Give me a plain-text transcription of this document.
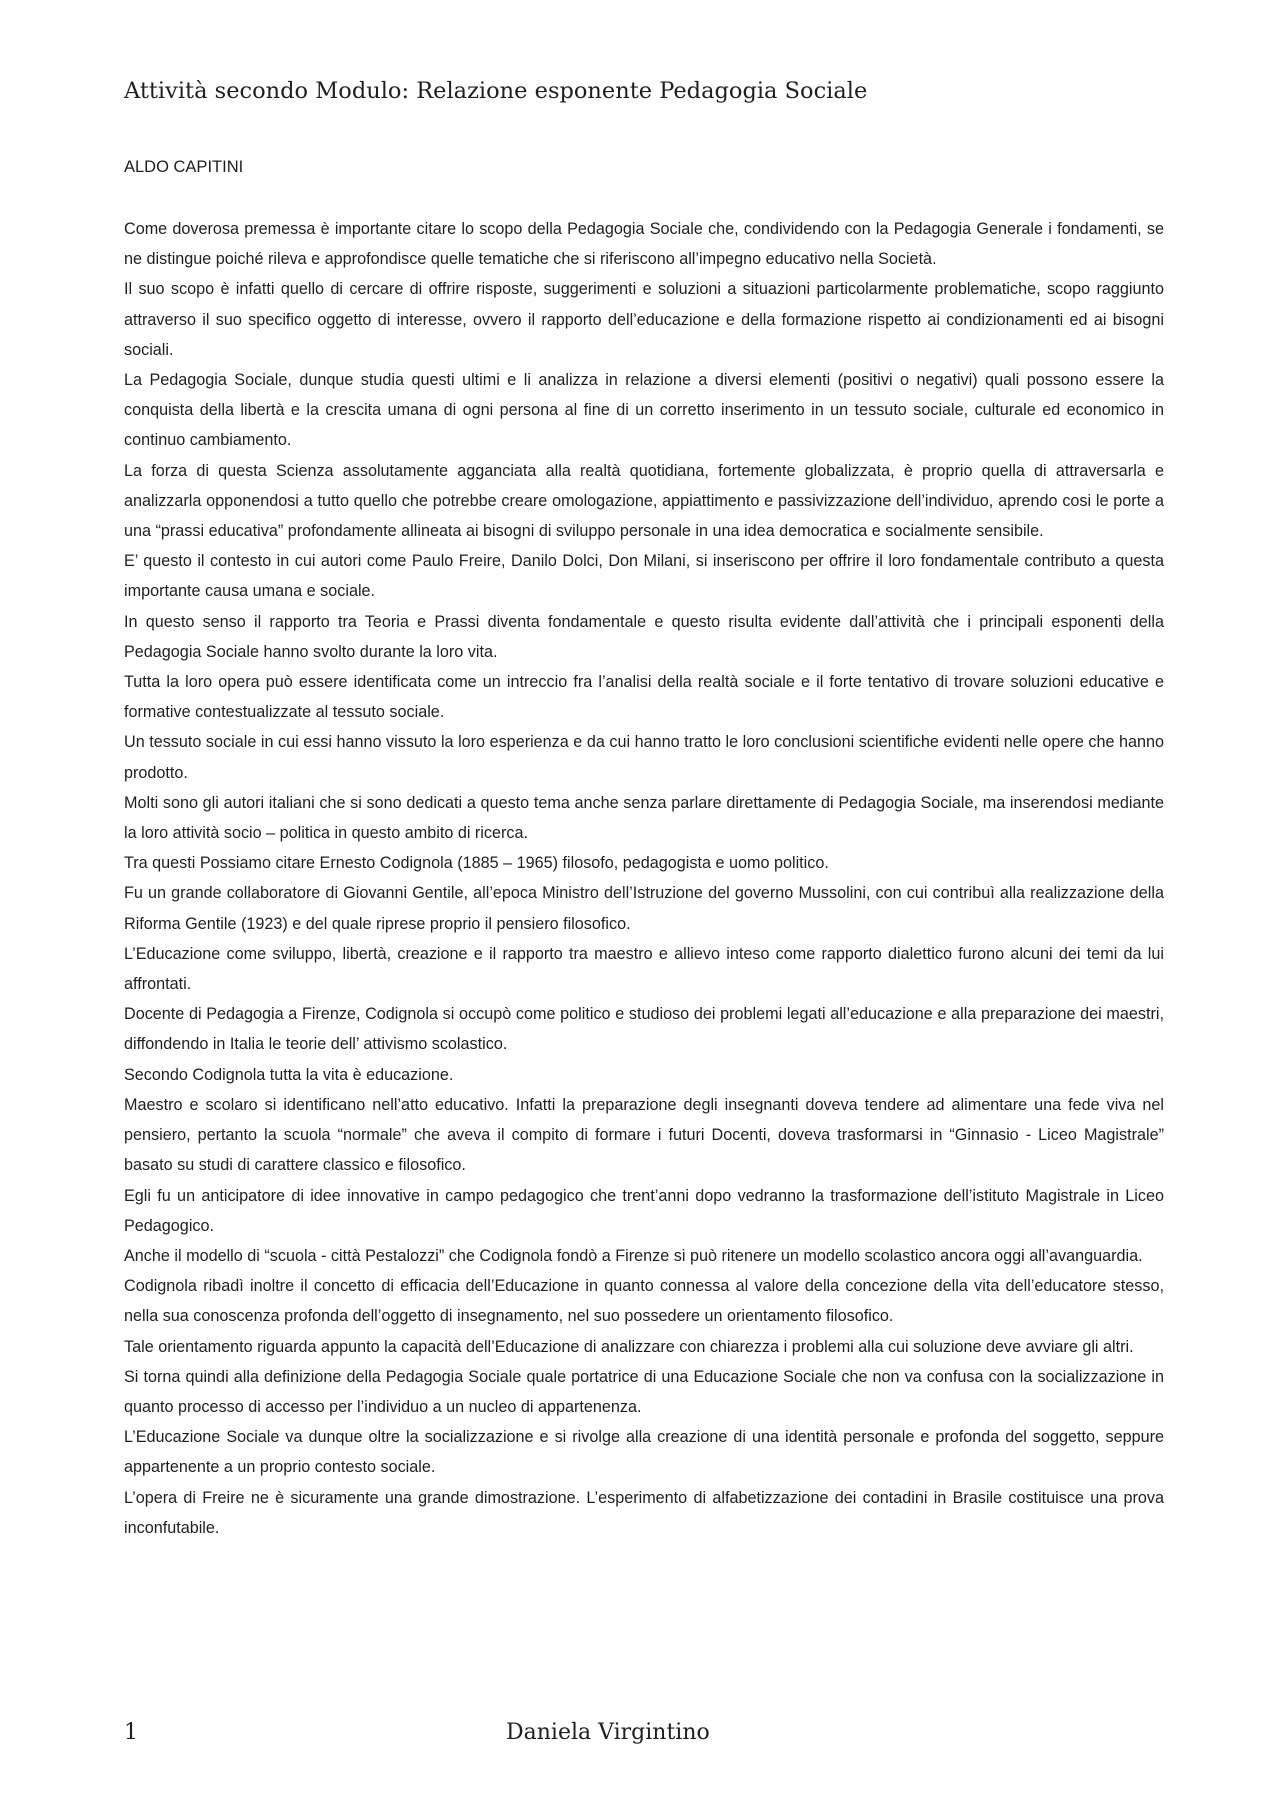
Attività secondo Modulo: Relazione esponente Pedagogia Sociale
ALDO CAPITINI

Come doverosa premessa è importante citare lo scopo della Pedagogia Sociale che, condividendo con la Pedagogia Generale i fondamenti, se ne distingue poiché rileva e approfondisce quelle tematiche che si riferiscono all’impegno educativo nella Società.

Il suo scopo è infatti quello di cercare di offrire risposte, suggerimenti e soluzioni a situazioni particolarmente problematiche, scopo raggiunto attraverso il suo specifico oggetto di interesse, ovvero il rapporto dell’educazione e della formazione rispetto ai condizionamenti ed ai bisogni sociali.

La Pedagogia Sociale, dunque studia questi ultimi e li analizza in relazione a diversi elementi (positivi o negativi) quali possono essere la conquista della libertà e la crescita umana di ogni persona al fine di un corretto inserimento in un tessuto sociale, culturale ed economico in continuo cambiamento.

La forza di questa Scienza assolutamente agganciata alla realtà quotidiana, fortemente globalizzata, è proprio quella di attraversarla e analizzarla opponendosi a tutto quello che potrebbe creare omologazione, appiattimento e passivizzazione dell’individuo, aprendo cosi le porte a una “prassi educativa” profondamente allineata ai bisogni di sviluppo personale in una idea democratica e socialmente sensibile.

E’ questo il contesto in cui autori come Paulo Freire, Danilo Dolci, Don Milani, si inseriscono per offrire il loro fondamentale contributo a questa importante causa umana e sociale.

In questo senso il rapporto tra Teoria e Prassi diventa fondamentale e questo risulta evidente dall’attività che i principali esponenti della Pedagogia Sociale hanno svolto durante la loro vita.

Tutta la loro opera può essere identificata come un intreccio fra l’analisi della realtà sociale e il forte tentativo di trovare soluzioni educative e formative contestualizzate al tessuto sociale.

Un tessuto sociale in cui essi hanno vissuto la loro esperienza e da cui hanno tratto le loro conclusioni scientifiche evidenti nelle opere che hanno prodotto.

Molti sono gli autori italiani che si sono dedicati a questo tema anche senza parlare direttamente di Pedagogia Sociale, ma inserendosi mediante la loro attività socio – politica in questo ambito di ricerca.

Tra questi Possiamo citare Ernesto Codignola (1885 – 1965) filosofo, pedagogista e uomo politico.

Fu un grande collaboratore di Giovanni Gentile, all’epoca Ministro dell’Istruzione del governo Mussolini, con cui contribuì alla realizzazione della Riforma Gentile (1923) e del quale riprese proprio il pensiero filosofico.

L’Educazione come sviluppo, libertà, creazione e il rapporto tra maestro e allievo inteso come rapporto dialettico furono alcuni dei temi da lui affrontati.

Docente di Pedagogia a Firenze, Codignola si occupò come politico e studioso dei problemi legati all’educazione e alla preparazione dei maestri, diffondendo in Italia le teorie dell’ attivismo scolastico.

Secondo Codignola tutta la vita è educazione.

Maestro e scolaro si identificano nell’atto educativo. Infatti la preparazione degli insegnanti doveva tendere ad alimentare una fede viva nel pensiero, pertanto la scuola “normale” che aveva il compito di formare i futuri Docenti, doveva trasformarsi in “Ginnasio - Liceo Magistrale” basato su studi di carattere classico e filosofico.

Egli fu un anticipatore di idee innovative in campo pedagogico che trent’anni dopo vedranno la trasformazione dell’istituto Magistrale in Liceo Pedagogico.

Anche il modello di “scuola - città Pestalozzi” che Codignola fondò a Firenze si può ritenere un modello scolastico ancora oggi all’avanguardia.

Codignola ribadì inoltre il concetto di efficacia dell’Educazione in quanto connessa al valore della concezione della vita dell’educatore stesso, nella sua conoscenza profonda dell’oggetto di insegnamento, nel suo possedere un orientamento filosofico.

Tale orientamento riguarda appunto la capacità dell’Educazione di analizzare con chiarezza i problemi alla cui soluzione deve avviare gli altri.

Si torna quindi alla definizione della Pedagogia Sociale quale portatrice di una Educazione Sociale che non va confusa con la socializzazione in quanto processo di accesso per l’individuo a un nucleo di appartenenza.

L’Educazione Sociale va dunque oltre la socializzazione e si rivolge alla creazione di una identità personale e profonda del soggetto, seppure appartenente a un proprio contesto sociale.

L’opera di Freire ne è sicuramente una grande dimostrazione. L’esperimento di alfabetizzazione dei contadini in Brasile costituisce una prova inconfutabile.

1	Daniela Virgintino
